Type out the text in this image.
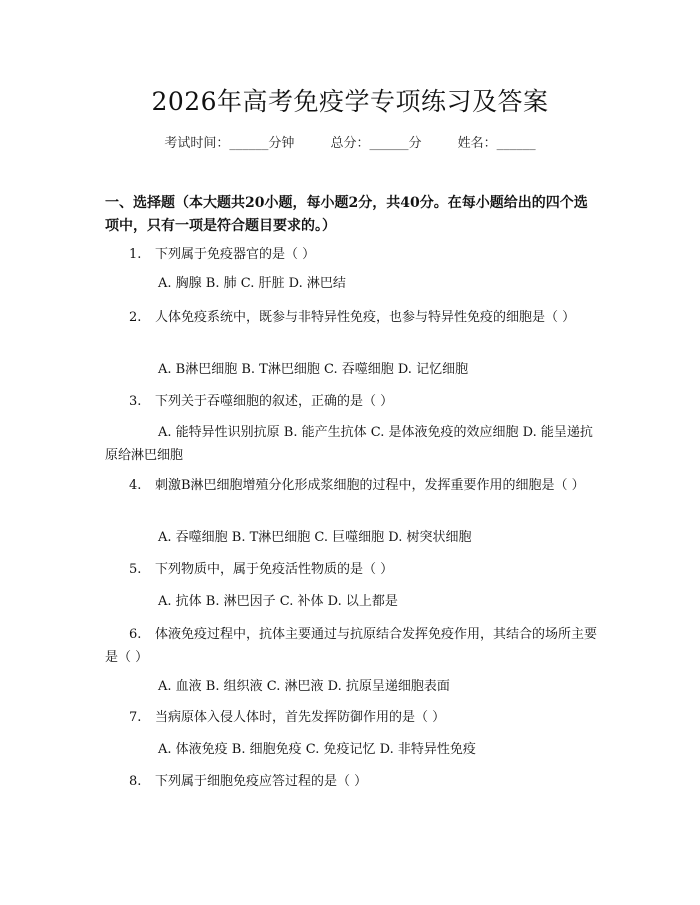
2026年高考免疫学专项练习及答案
考试时间：______分钟	总分：______分	姓名：______

一、选择题（本大题共20小题，每小题2分，共40分。在每小题给出的四个选项中，只有一项是符合题目要求的。）

1. 下列属于免疫器官的是（ ）

A. 胸腺 B. 肺 C. 肝脏 D. 淋巴结

2. 人体免疫系统中，既参与非特异性免疫，也参与特异性免疫的细胞是（ ）

A. B淋巴细胞 B. T淋巴细胞 C. 吞噬细胞 D. 记忆细胞

3. 下列关于吞噬细胞的叙述，正确的是（ ）

A. 能特异性识别抗原 B. 能产生抗体 C. 是体液免疫的效应细胞 D. 能呈递抗原给淋巴细胞

4. 刺激B淋巴细胞增殖分化形成浆细胞的过程中，发挥重要作用的细胞是（ ）

A. 吞噬细胞 B. T淋巴细胞 C. 巨噬细胞 D. 树突状细胞

5. 下列物质中，属于免疫活性物质的是（ ）

A. 抗体 B. 淋巴因子 C. 补体 D. 以上都是

6. 体液免疫过程中，抗体主要通过与抗原结合发挥免疫作用，其结合的场所主要是（ ）

A. 血液 B. 组织液 C. 淋巴液 D. 抗原呈递细胞表面

7. 当病原体入侵人体时，首先发挥防御作用的是（ ）

A. 体液免疫 B. 细胞免疫 C. 免疫记忆 D. 非特异性免疫

8. 下列属于细胞免疫应答过程的是（ ）
